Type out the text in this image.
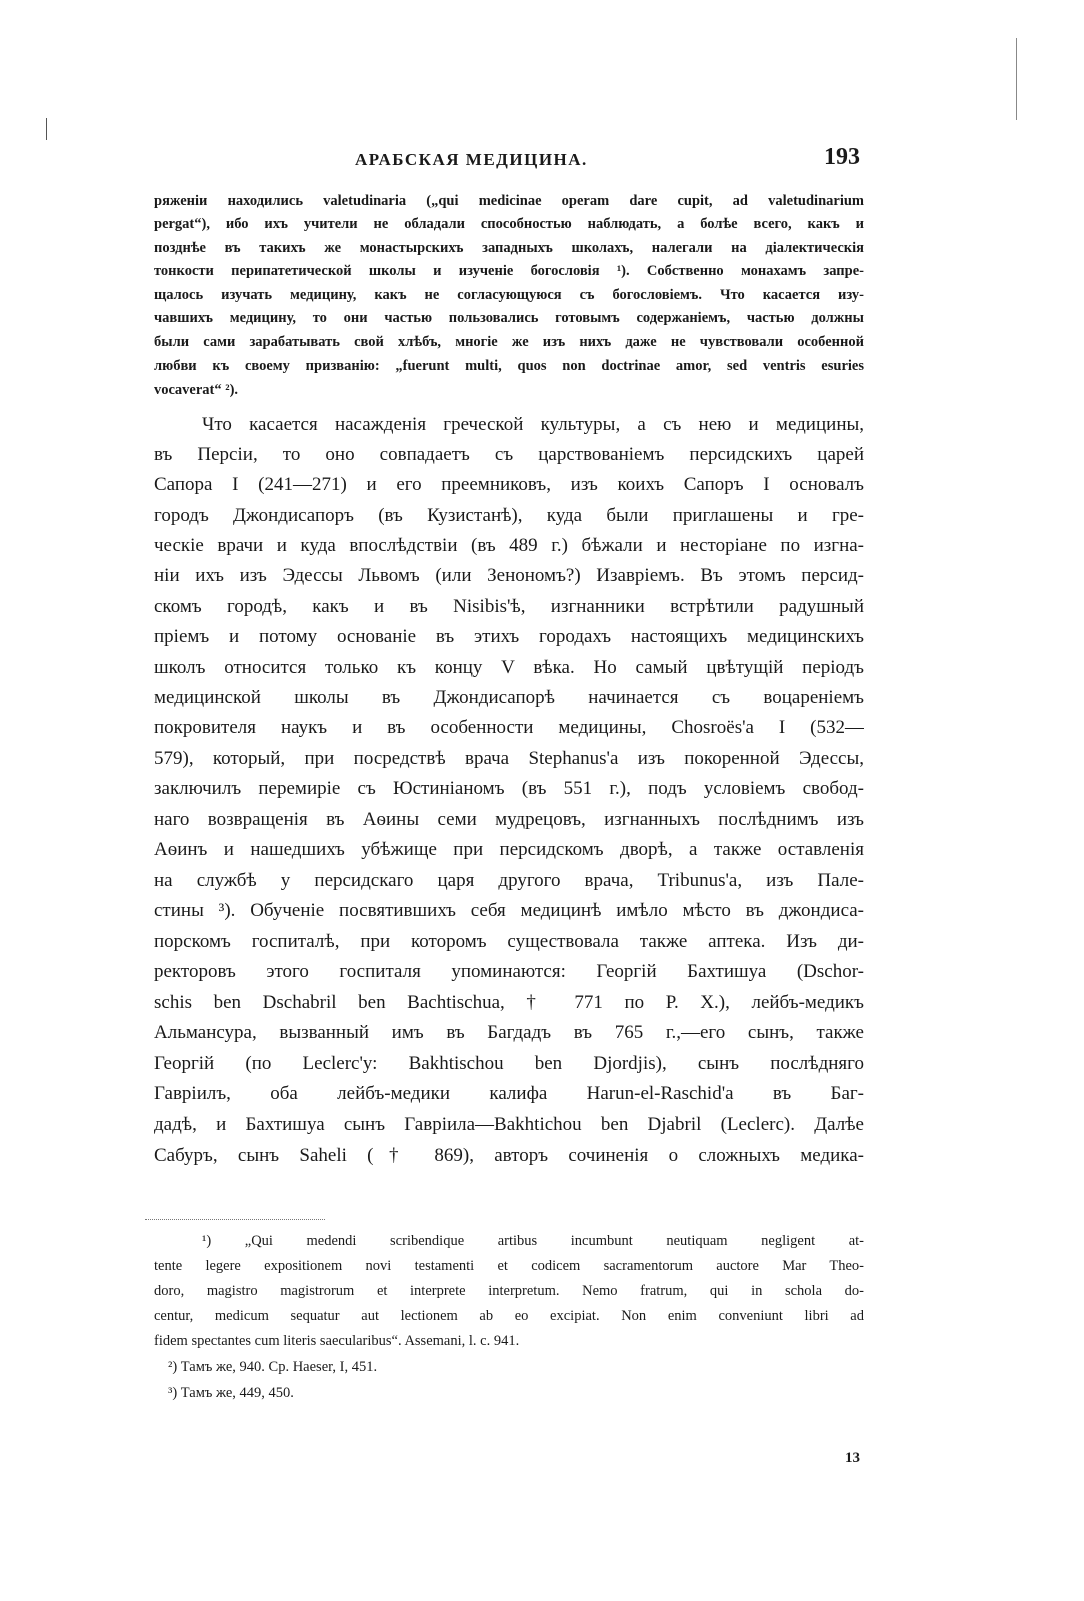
АРАБСКАЯ МЕДИЦИНА.	193
ряженіи находились valetudinaria („qui medicinae operam dare cupit, ad valetudinarium
pergat“), ибо ихъ учители не обладали способностью наблюдать, а болѣе всего, какъ и
позднѣе въ такихъ же монастырскихъ западныхъ школахъ, налегали на діалектическія
тонкости перипатетической школы и изученіе богословія ¹). Собственно монахамъ запре-
щалось изучать медицину, какъ не согласующуюся съ богословіемъ. Что касается изу-
чавшихъ медицину, то они частью пользовались готовымъ содержаніемъ, частью должны
были сами зарабатывать свой хлѣбъ, многіе же изъ нихъ даже не чувствовали особенной
любви къ своему призванію: „fuerunt multi, quos non doctrinae amor, sed ventris esuries
vocaverat“ ²).
Что касается насажденія греческой культуры, а съ нею и медицины,
въ Персіи, то оно совпадаетъ съ царствованіемъ персидскихъ царей
Сапора I (241—271) и его преемниковъ, изъ коихъ Сапоръ I основалъ
городъ Джондисапоръ (въ Кузистанѣ), куда были приглашены и гре-
ческіе врачи и куда впослѣдствіи (въ 489 г.) бѣжали и несторіане по изгна-
ніи ихъ изъ Эдессы Львомъ (или Зенономъ?) Изавріемъ. Въ этомъ персид-
скомъ городѣ, какъ и въ Nisibis'ѣ, изгнанники встрѣтили радушный
пріемъ и потому основаніе въ этихъ городахъ настоящихъ медицинскихъ
школъ относится только къ концу V вѣка. Но самый цвѣтущій періодъ
медицинской школы въ Джондисапорѣ начинается съ воцареніемъ
покровителя наукъ и въ особенности медицины, Chosroës'a I (532—
579), который, при посредствѣ врача Stephanus'a изъ покоренной Эдессы,
заключилъ перемиріе съ Юстиніаномъ (въ 551 г.), подъ условіемъ свобод-
наго возвращенія въ Аѳины семи мудрецовъ, изгнанныхъ послѣднимъ изъ
Аѳинъ и нашедшихъ убѣжище при персидскомъ дворѣ, а также оставленія
на службѣ у персидскаго царя другого врача, Tribunus'a, изъ Пале-
стины ³). Обученіе посвятившихъ себя медицинѣ имѣло мѣсто въ джондиса-
порскомъ госпиталѣ, при которомъ существовала также аптека. Изъ ди-
ректоровъ этого госпиталя упоминаются: Георгій Бахтишуа (Dschor-
schis ben Dschabril ben Bachtischua, † 771 по Р. Х.), лейбъ-медикъ
Альмансура, вызванный имъ въ Багдадъ въ 765 г.,—его сынъ, также
Георгій (по Leclerc'у: Bakhtischou ben Djordjis), сынъ послѣдняго
Гавріилъ, оба лейбъ-медики калифа Harun-el-Raschid'a въ Баг-
дадѣ, и Бахтишуа сынъ Гавріила—Bakhtichou ben Djabril (Leclerc). Далѣе
Сабуръ, сынъ Saheli († 869), авторъ сочиненія о сложныхъ медика-
¹) „Qui medendi scribendique artibus incumbunt neutiquam negligent at-
tente legere expositionem novi testamenti et codicem sacramentorum auctore Mar Theo-
doro, magistro magistrorum et interprete interpretum. Nemo fratrum, qui in schola do-
centur, medicum sequatur aut lectionem ab eo excipiat. Non enim conveniunt libri ad
fidem spectantes cum literis saecularibus“. Assemani, l. c. 941.
²) Тамъ же, 940. Ср. Haeser, I, 451.
³) Тамъ же, 449, 450.
13
